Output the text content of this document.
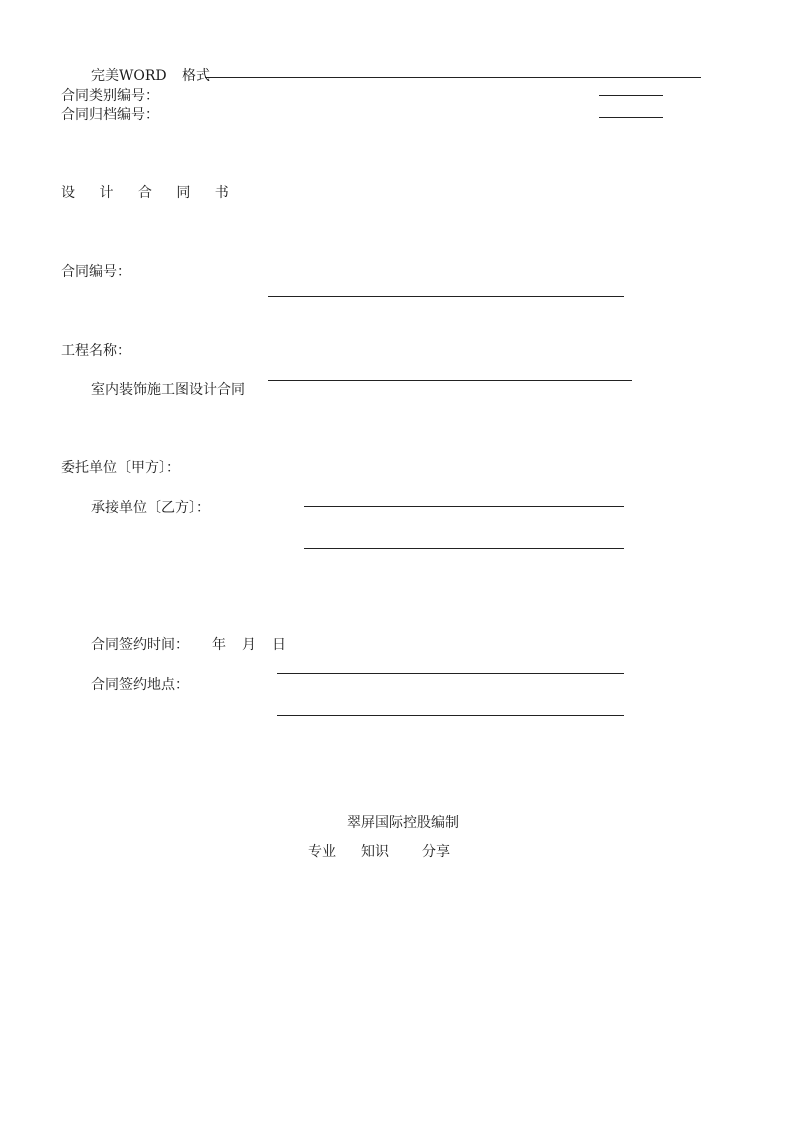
完美WORD 格式
合同类别编号：
合同归档编号：
设 计 合 同 书
合同编号：
工程名称：
室内装饰施工图设计合同
委托单位〔甲方〕：
承接单位〔乙方〕：
合同签约时间： 年 月 日
合同签约地点：
翠屏国际控股编制
专业 知识 分享
